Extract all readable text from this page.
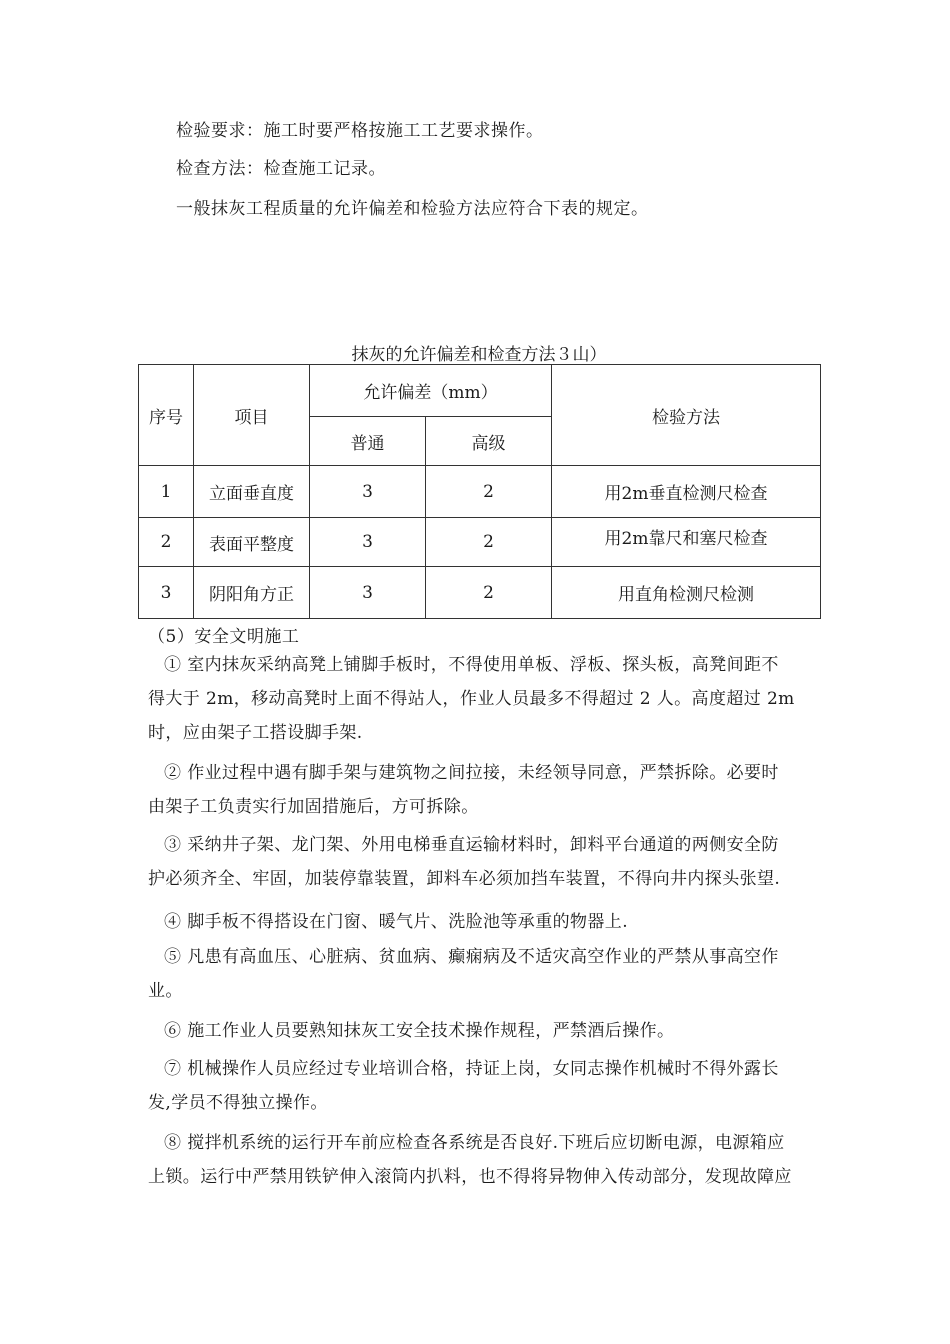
检验要求：施工时要严格按施工工艺要求操作。
检查方法：检查施工记录。
一般抹灰工程质量的允许偏差和检验方法应符合下表的规定。
抹灰的允许偏差和检查方法３山）
序号	项目	允许偏差（mm）		检验方法
		普通	高级	
1	立面垂直度	3	2	用2m垂直检测尺检查
2	表面平整度	3	2	用2m靠尺和塞尺检查
3	阴阳角方正	3	2	用直角检测尺检测
（5）安全文明施工
① 室内抹灰采纳高凳上铺脚手板时，不得使用单板、浮板、探头板，高凳间距不
得大于 2m，移动高凳时上面不得站人，作业人员最多不得超过 2 人。高度超过 2m
时，应由架子工搭设脚手架.
② 作业过程中遇有脚手架与建筑物之间拉接，未经领导同意，严禁拆除。必要时
由架子工负责实行加固措施后，方可拆除。
③ 采纳井子架、龙门架、外用电梯垂直运输材料时，卸料平台通道的两侧安全防
护必须齐全、牢固，加装停靠装置，卸料车必须加挡车装置，不得向井内探头张望.
④ 脚手板不得搭设在门窗、暖气片、洗脸池等承重的物器上.
⑤ 凡患有高血压、心脏病、贫血病、癫痫病及不适灾高空作业的严禁从事高空作
业。
⑥ 施工作业人员要熟知抹灰工安全技术操作规程，严禁酒后操作。
⑦ 机械操作人员应经过专业培训合格，持证上岗，女同志操作机械时不得外露长
发,学员不得独立操作。
⑧ 搅拌机系统的运行开车前应检查各系统是否良好.下班后应切断电源，电源箱应
上锁。运行中严禁用铁铲伸入滚筒内扒料，也不得将异物伸入传动部分，发现故障应
